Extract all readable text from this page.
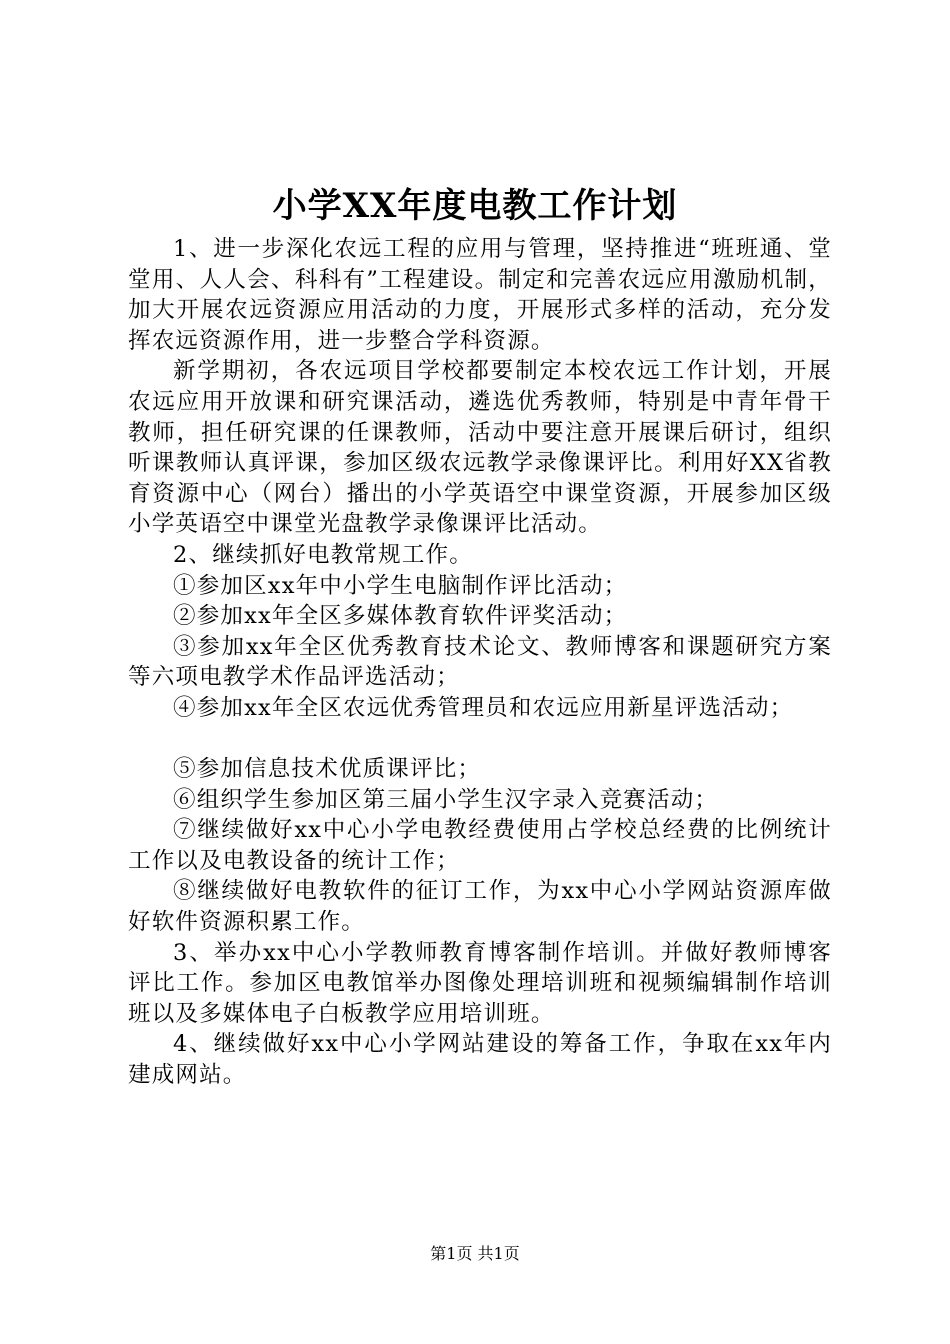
小学XX年度电教工作计划

1、进一步深化农远工程的应用与管理，坚持推进“班班通、堂堂用、人人会、科科有”工程建设。制定和完善农远应用激励机制，加大开展农远资源应用活动的力度，开展形式多样的活动，充分发挥农远资源作用，进一步整合学科资源。

新学期初，各农远项目学校都要制定本校农远工作计划，开展农远应用开放课和研究课活动，遴选优秀教师，特别是中青年骨干教师，担任研究课的任课教师，活动中要注意开展课后研讨，组织听课教师认真评课，参加区级农远教学录像课评比。利用好XX省教育资源中心（网台）播出的小学英语空中课堂资源，开展参加区级小学英语空中课堂光盘教学录像课评比活动。

2、继续抓好电教常规工作。

①参加区xx年中小学生电脑制作评比活动；

②参加xx年全区多媒体教育软件评奖活动；

③参加xx年全区优秀教育技术论文、教师博客和课题研究方案等六项电教学术作品评选活动；

④参加xx年全区农远优秀管理员和农远应用新星评选活动；

⑤参加信息技术优质课评比；

⑥组织学生参加区第三届小学生汉字录入竞赛活动；

⑦继续做好xx中心小学电教经费使用占学校总经费的比例统计工作以及电教设备的统计工作；

⑧继续做好电教软件的征订工作，为xx中心小学网站资源库做好软件资源积累工作。

3、举办xx中心小学教师教育博客制作培训。并做好教师博客评比工作。参加区电教馆举办图像处理培训班和视频编辑制作培训班以及多媒体电子白板教学应用培训班。

4、继续做好xx中心小学网站建设的筹备工作，争取在xx年内建成网站。

第1页 共1页
